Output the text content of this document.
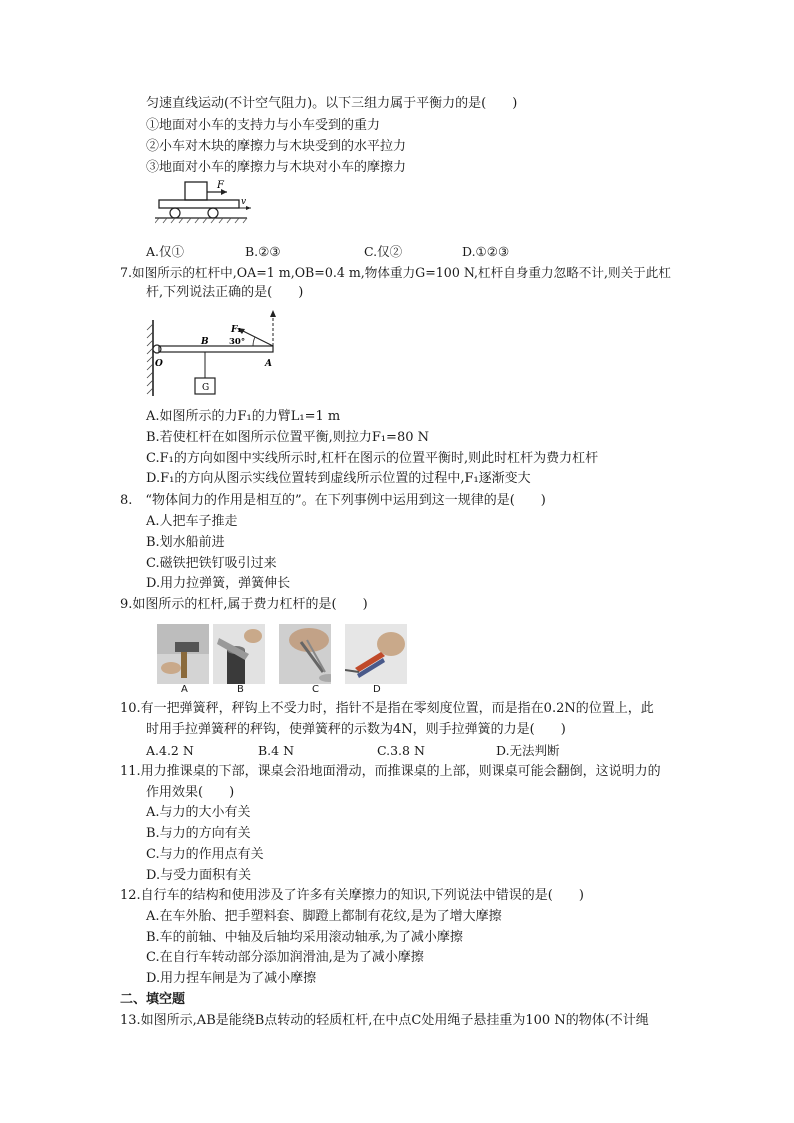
匀速直线运动(不计空气阻力)。以下三组力属于平衡力的是(　　)
①地面对小车的支持力与小车受到的重力
②小车对木块的摩擦力与木块受到的水平拉力
③地面对小车的摩擦力与木块对小车的摩擦力
F
v
A.仅①	B.②③	C.仅②	D.①②③
7.如图所示的杠杆中,OA=1 m,OB=0.4 m,物体重力G=100 N,杠杆自身重力忽略不计,则关于此杠
杆,下列说法正确的是(　　)
G
O
B
A
F₁
30°
A.如图所示的力F₁的力臂L₁=1 m
B.若使杠杆在如图所示位置平衡,则拉力F₁=80 N
C.F₁的方向如图中实线所示时,杠杆在图示的位置平衡时,则此时杠杆为费力杠杆
D.F₁的方向从图示实线位置转到虚线所示位置的过程中,F₁逐渐变大
8.　“物体间力的作用是相互的”。在下列事例中运用到这一规律的是(　　)
A.人把车子推走
B.划水船前进
C.磁铁把铁钉吸引过来
D.用力拉弹簧，弹簧伸长
9.如图所示的杠杆,属于费力杠杆的是(　　)
A	B	C	D
10.有一把弹簧秤，秤钩上不受力时，指针不是指在零刻度位置，而是指在0.2N的位置上，此
时用手拉弹簧秤的秤钩，使弹簧秤的示数为4N，则手拉弹簧的力是(　　)
A.4.2 N	B.4 N	C.3.8 N	D.无法判断
11.用力推课桌的下部，课桌会沿地面滑动，而推课桌的上部，则课桌可能会翻倒，这说明力的
作用效果(　　)
A.与力的大小有关
B.与力的方向有关
C.与力的作用点有关
D.与受力面积有关
12.自行车的结构和使用涉及了许多有关摩擦力的知识,下列说法中错误的是(　　)
A.在车外胎、把手塑料套、脚蹬上都制有花纹,是为了增大摩擦
B.车的前轴、中轴及后轴均采用滚动轴承,为了减小摩擦
C.在自行车转动部分添加润滑油,是为了减小摩擦
D.用力捏车闸是为了减小摩擦
二、填空题
13.如图所示,AB是能绕B点转动的轻质杠杆,在中点C处用绳子悬挂重为100 N的物体(不计绳
